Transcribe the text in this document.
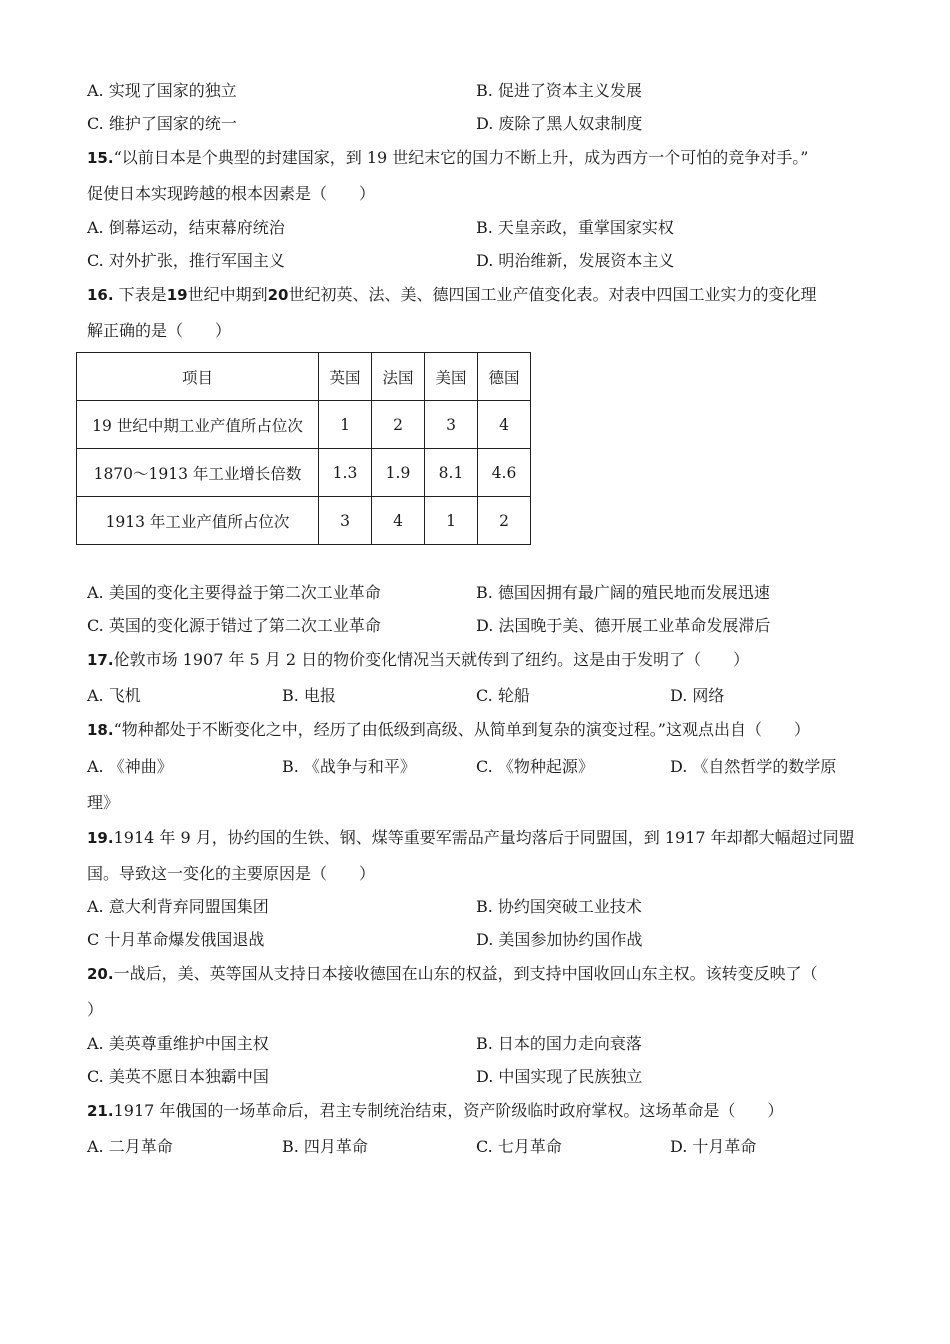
A. 实现了国家的独立	B. 促进了资本主义发展
C. 维护了国家的统一	D. 废除了黑人奴隶制度
15.“以前日本是个典型的封建国家，到 19 世纪末它的国力不断上升，成为西方一个可怕的竞争对手。”
促使日本实现跨越的根本因素是（　　）
A. 倒幕运动，结束幕府统治	B. 天皇亲政，重掌国家实权
C. 对外扩张，推行军国主义	D. 明治维新，发展资本主义
16. 下表是19世纪中期到20世纪初英、法、美、德四国工业产值变化表。对表中四国工业实力的变化理
解正确的是（　　）
项目	英国	法国	美国	德国
19 世纪中期工业产值所占位次	1	2	3	4
1870～1913 年工业增长倍数	1.3	1.9	8.1	4.6
1913 年工业产值所占位次	3	4	1	2
A. 美国的变化主要得益于第二次工业革命	B. 德国因拥有最广阔的殖民地而发展迅速
C. 英国的变化源于错过了第二次工业革命	D. 法国晚于美、德开展工业革命发展滞后
17.伦敦市场 1907 年 5 月 2 日的物价变化情况当天就传到了纽约。这是由于发明了（　　）
A. 飞机	B. 电报	C. 轮船	D. 网络
18.“物种都处于不断变化之中，经历了由低级到高级、从简单到复杂的演变过程。”这观点出自（　　）
A. 《神曲》	B. 《战争与和平》	C. 《物种起源》	D. 《自然哲学的数学原
理》
19.1914 年 9 月，协约国的生铁、钢、煤等重要军需品产量均落后于同盟国，到 1917 年却都大幅超过同盟
国。导致这一变化的主要原因是（　　）
A. 意大利背弃同盟国集团	B. 协约国突破工业技术
C 十月革命爆发俄国退战	D. 美国参加协约国作战
20.一战后，美、英等国从支持日本接收德国在山东的权益，到支持中国收回山东主权。该转变反映了（
）
A. 美英尊重维护中国主权	B. 日本的国力走向衰落
C. 美英不愿日本独霸中国	D. 中国实现了民族独立
21.1917 年俄国的一场革命后，君主专制统治结束，资产阶级临时政府掌权。这场革命是（　　）
A. 二月革命	B. 四月革命	C. 七月革命	D. 十月革命
